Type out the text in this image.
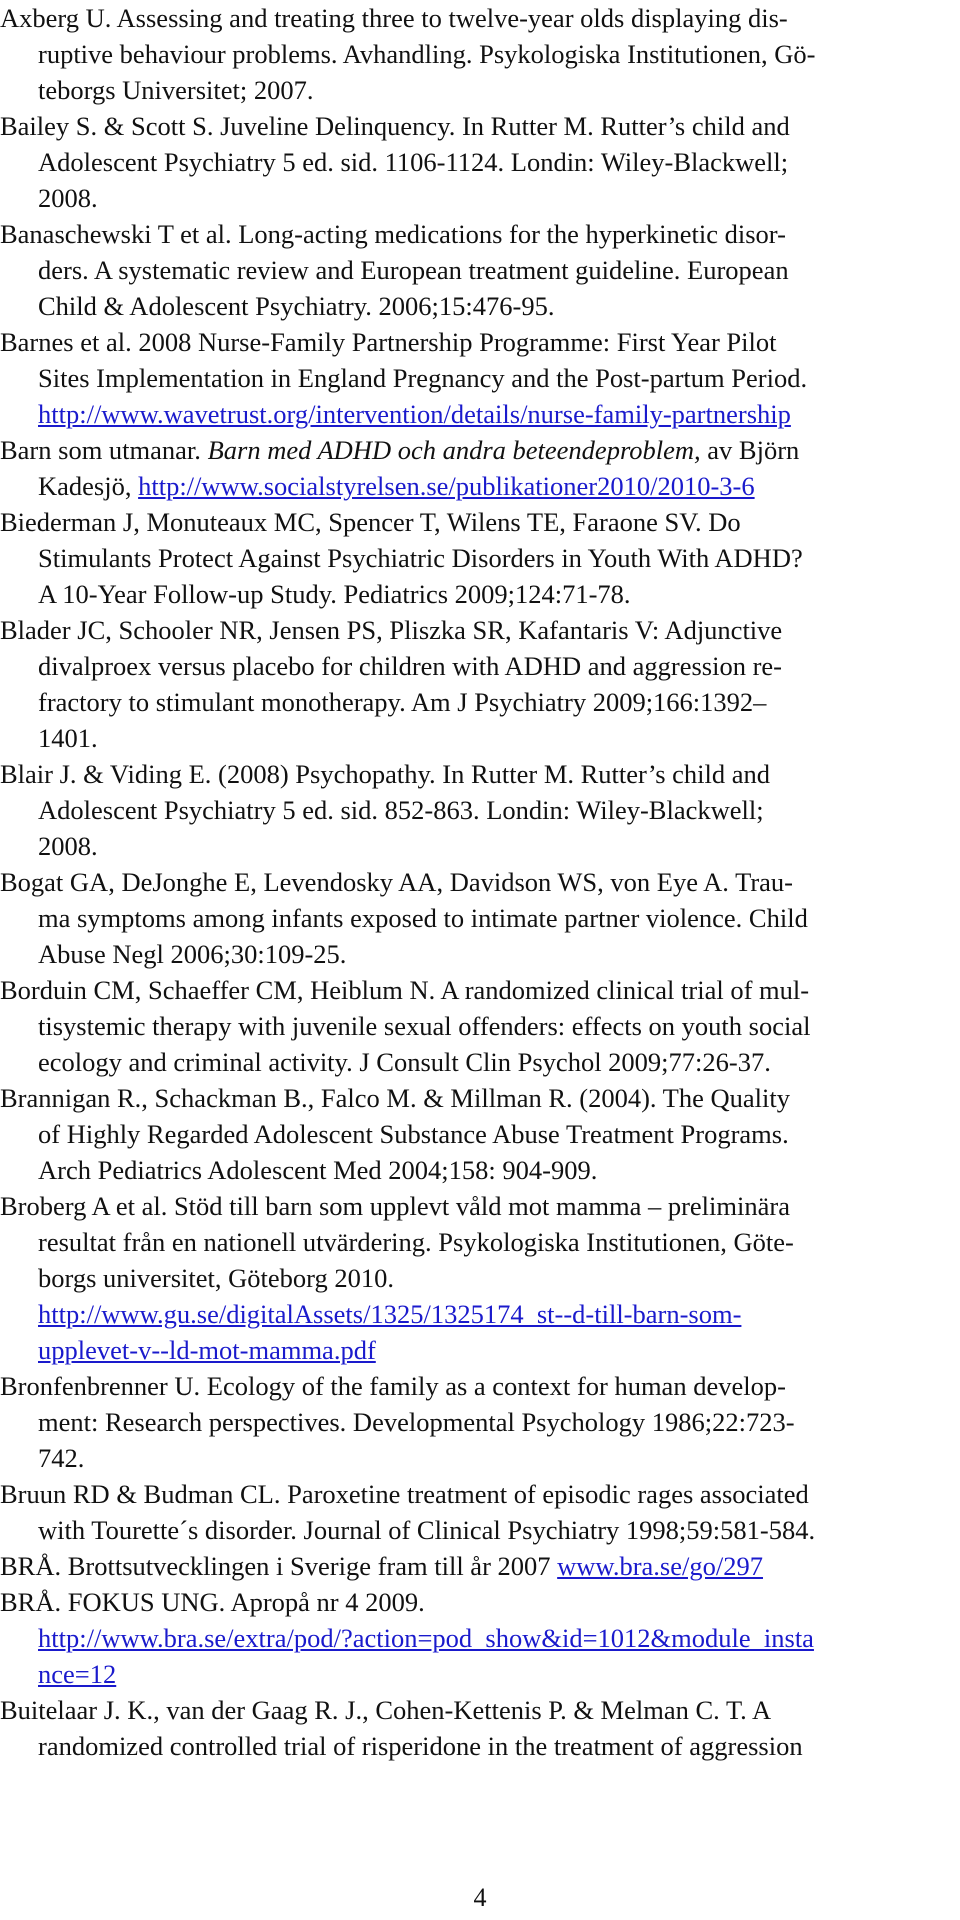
Axberg U. Assessing and treating three to twelve-year olds displaying dis-
ruptive behaviour problems. Avhandling. Psykologiska Institutionen, Gö-
teborgs Universitet; 2007.
Bailey S. & Scott S. Juveline Delinquency. In Rutter M. Rutter’s child and
Adolescent Psychiatry 5 ed. sid. 1106-1124. Londin: Wiley-Blackwell;
2008.
Banaschewski T et al. Long-acting medications for the hyperkinetic disor-
ders. A systematic review and European treatment guideline. European
Child & Adolescent Psychiatry. 2006;15:476-95.
Barnes et al. 2008 Nurse-Family Partnership Programme: First Year Pilot
Sites Implementation in England Pregnancy and the Post-partum Period.
http://www.wavetrust.org/intervention/details/nurse-family-partnership
Barn som utmanar. Barn med ADHD och andra beteendeproblem, av Björn
Kadesjö, http://www.socialstyrelsen.se/publikationer2010/2010-3-6
Biederman J, Monuteaux MC, Spencer T, Wilens TE, Faraone SV. Do
Stimulants Protect Against Psychiatric Disorders in Youth With ADHD?
A 10-Year Follow-up Study. Pediatrics 2009;124:71-78.
Blader JC, Schooler NR, Jensen PS, Pliszka SR, Kafantaris V: Adjunctive
divalproex versus placebo for children with ADHD and aggression re-
fractory to stimulant monotherapy. Am J Psychiatry 2009;166:1392–
1401.
Blair J. & Viding E. (2008) Psychopathy. In Rutter M. Rutter’s child and
Adolescent Psychiatry 5 ed. sid. 852-863. Londin: Wiley-Blackwell;
2008.
Bogat GA, DeJonghe E, Levendosky AA, Davidson WS, von Eye A. Trau-
ma symptoms among infants exposed to intimate partner violence. Child
Abuse Negl 2006;30:109-25.
Borduin CM, Schaeffer CM, Heiblum N. A randomized clinical trial of mul-
tisystemic therapy with juvenile sexual offenders: effects on youth social
ecology and criminal activity. J Consult Clin Psychol 2009;77:26-37.
Brannigan R., Schackman B., Falco M. & Millman R. (2004). The Quality
of Highly Regarded Adolescent Substance Abuse Treatment Programs.
Arch Pediatrics Adolescent Med 2004;158: 904-909.
Broberg A et al. Stöd till barn som upplevt våld mot mamma – preliminära
resultat från en nationell utvärdering. Psykologiska Institutionen, Göte-
borgs universitet, Göteborg 2010.
http://www.gu.se/digitalAssets/1325/1325174_st--d-till-barn-som-
upplevet-v--ld-mot-mamma.pdf
Bronfenbrenner U. Ecology of the family as a context for human develop-
ment: Research perspectives. Developmental Psychology 1986;22:723-
742.
Bruun RD & Budman CL. Paroxetine treatment of episodic rages associated
with Tourette´s disorder. Journal of Clinical Psychiatry 1998;59:581-584.
BRÅ. Brottsutvecklingen i Sverige fram till år 2007 www.bra.se/go/297
BRÅ. FOKUS UNG. Apropå nr 4 2009.
http://www.bra.se/extra/pod/?action=pod_show&id=1012&module_insta
nce=12
Buitelaar J. K., van der Gaag R. J., Cohen-Kettenis P. & Melman C. T. A
randomized controlled trial of risperidone in the treatment of aggression
4
